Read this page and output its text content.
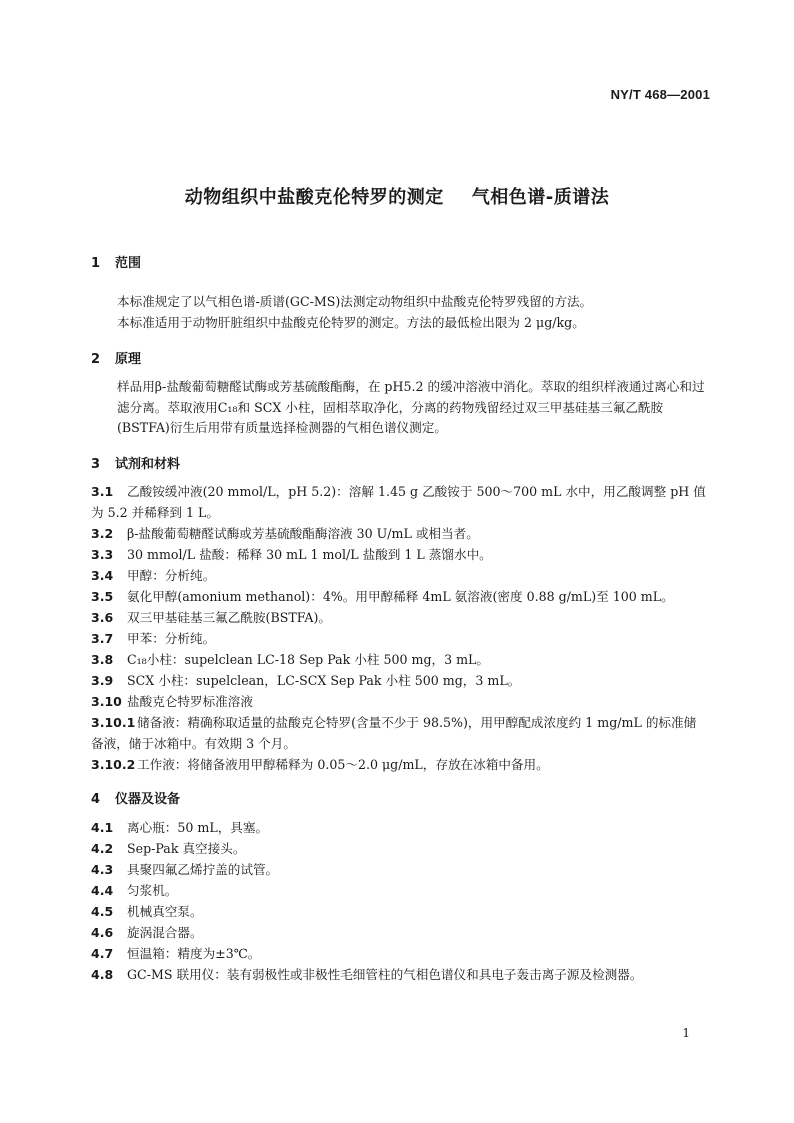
NY/T 468—2001
动物组织中盐酸克伦特罗的测定 气相色谱-质谱法
1 范围
本标准规定了以气相色谱-质谱(GC-MS)法测定动物组织中盐酸克伦特罗残留的方法。
本标准适用于动物肝脏组织中盐酸克伦特罗的测定。方法的最低检出限为 2 μg/kg。
2 原理
样品用β-盐酸葡萄糖醛试酶或芳基硫酸酯酶，在 pH5.2 的缓冲溶液中消化。萃取的组织样液通过离心和过滤分离。萃取液用C₁₈和 SCX 小柱，固相萃取净化，分离的药物残留经过双三甲基硅基三氟乙酰胺(BSTFA)衍生后用带有质量选择检测器的气相色谱仪测定。
3 试剂和材料
3.1 乙酸铵缓冲液(20 mmol/L，pH 5.2)：溶解 1.45 g 乙酸铵于 500～700 mL 水中，用乙酸调整 pH 值为 5.2 并稀释到 1 L。
3.2 β-盐酸葡萄糖醛试酶或芳基硫酸酯酶溶液 30 U/mL 或相当者。
3.3 30 mmol/L 盐酸：稀释 30 mL 1 mol/L 盐酸到 1 L 蒸馏水中。
3.4 甲醇：分析纯。
3.5 氨化甲醇(amonium methanol)：4%。用甲醇稀释 4mL 氨溶液(密度 0.88 g/mL)至 100 mL。
3.6 双三甲基硅基三氟乙酰胺(BSTFA)。
3.7 甲苯：分析纯。
3.8 C₁₈小柱：supelclean LC-18 Sep Pak 小柱 500 mg，3 mL。
3.9 SCX 小柱：supelclean，LC-SCX Sep Pak 小柱 500 mg，3 mL。
3.10 盐酸克仑特罗标准溶液
3.10.1 储备液：精确称取适量的盐酸克仑特罗(含量不少于 98.5%)，用甲醇配成浓度约 1 mg/mL 的标准储备液，储于冰箱中。有效期 3 个月。
3.10.2 工作液：将储备液用甲醇稀释为 0.05～2.0 μg/mL，存放在冰箱中备用。
4 仪器及设备
4.1 离心瓶：50 mL，具塞。
4.2 Sep-Pak 真空接头。
4.3 具聚四氟乙烯拧盖的试管。
4.4 匀浆机。
4.5 机械真空泵。
4.6 旋涡混合器。
4.7 恒温箱：精度为±3℃。
4.8 GC-MS 联用仪：装有弱极性或非极性毛细管柱的气相色谱仪和具电子轰击离子源及检测器。
1
